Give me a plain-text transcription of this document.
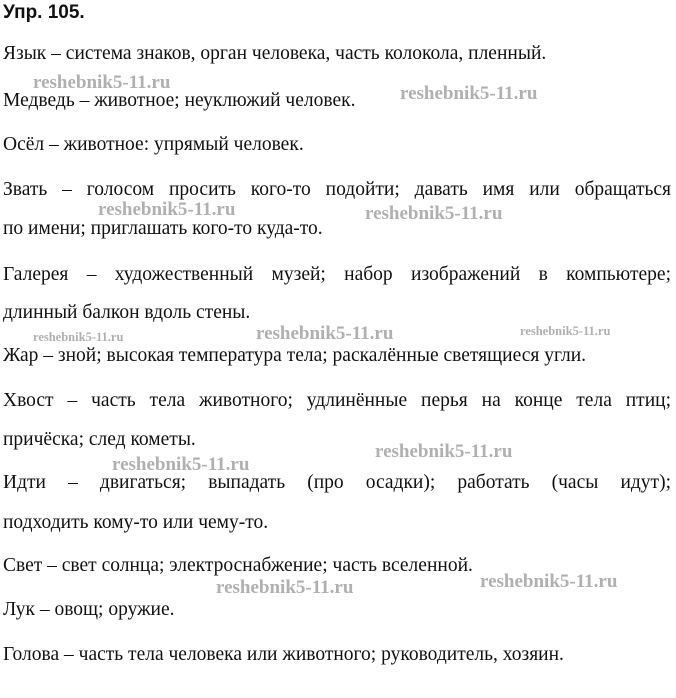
Упр. 105.

Язык – система знаков, орган человека, часть колокола, пленный.

Медведь – животное; неуклюжий человек.

Осёл – животное: упрямый человек.

Звать – голосом просить кого-то подойти; давать имя или обращаться

по имени; приглашать кого-то куда-то.

Галерея – художественный музей; набор изображений в компьютере;

длинный балкон вдоль стены.

Жар – зной; высокая температура тела; раскалённые светящиеся угли.

Хвост – часть тела животного; удлинённые перья на конце тела птиц;

причёска; след кометы.

Идти – двигаться; выпадать (про осадки); работать (часы идут);

подходить кому-то или чему-то.

Свет – свет солнца; электроснабжение; часть вселенной.

Лук – овощ; оружие.

Голова – часть тела человека или животного; руководитель, хозяин.

reshebnik5-11.ru
reshebnik5-11.ru
reshebnik5-11.ru	reshebnik5-11.ru
reshebnik5-11.ru	reshebnik5-11.ru	reshebnik5-11.ru
reshebnik5-11.ru
reshebnik5-11.ru
reshebnik5-11.ru
reshebnik5-11.ru
